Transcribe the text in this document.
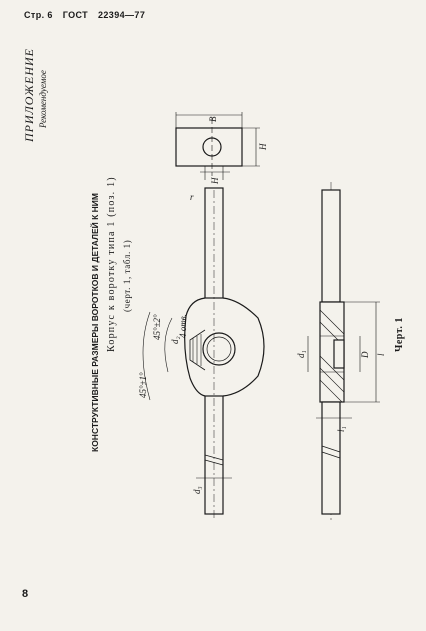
Стр. 6 ГОСТ 22394—77
ПРИЛОЖЕНИЕ Рекомендуемое
КОНСТРУКТИВНЫЕ РАЗМЕРЫ ВОРОТКОВ И ДЕТАЛЕЙ К НИМ Корпус к воротку типа 1 (поз. 1) (черт. 1, табл. 1)
Черт. 1
8
B
H
H
r
45°±2°
45°±1°
d₂
4 отв.
d₃
d₁	D l
l₁
